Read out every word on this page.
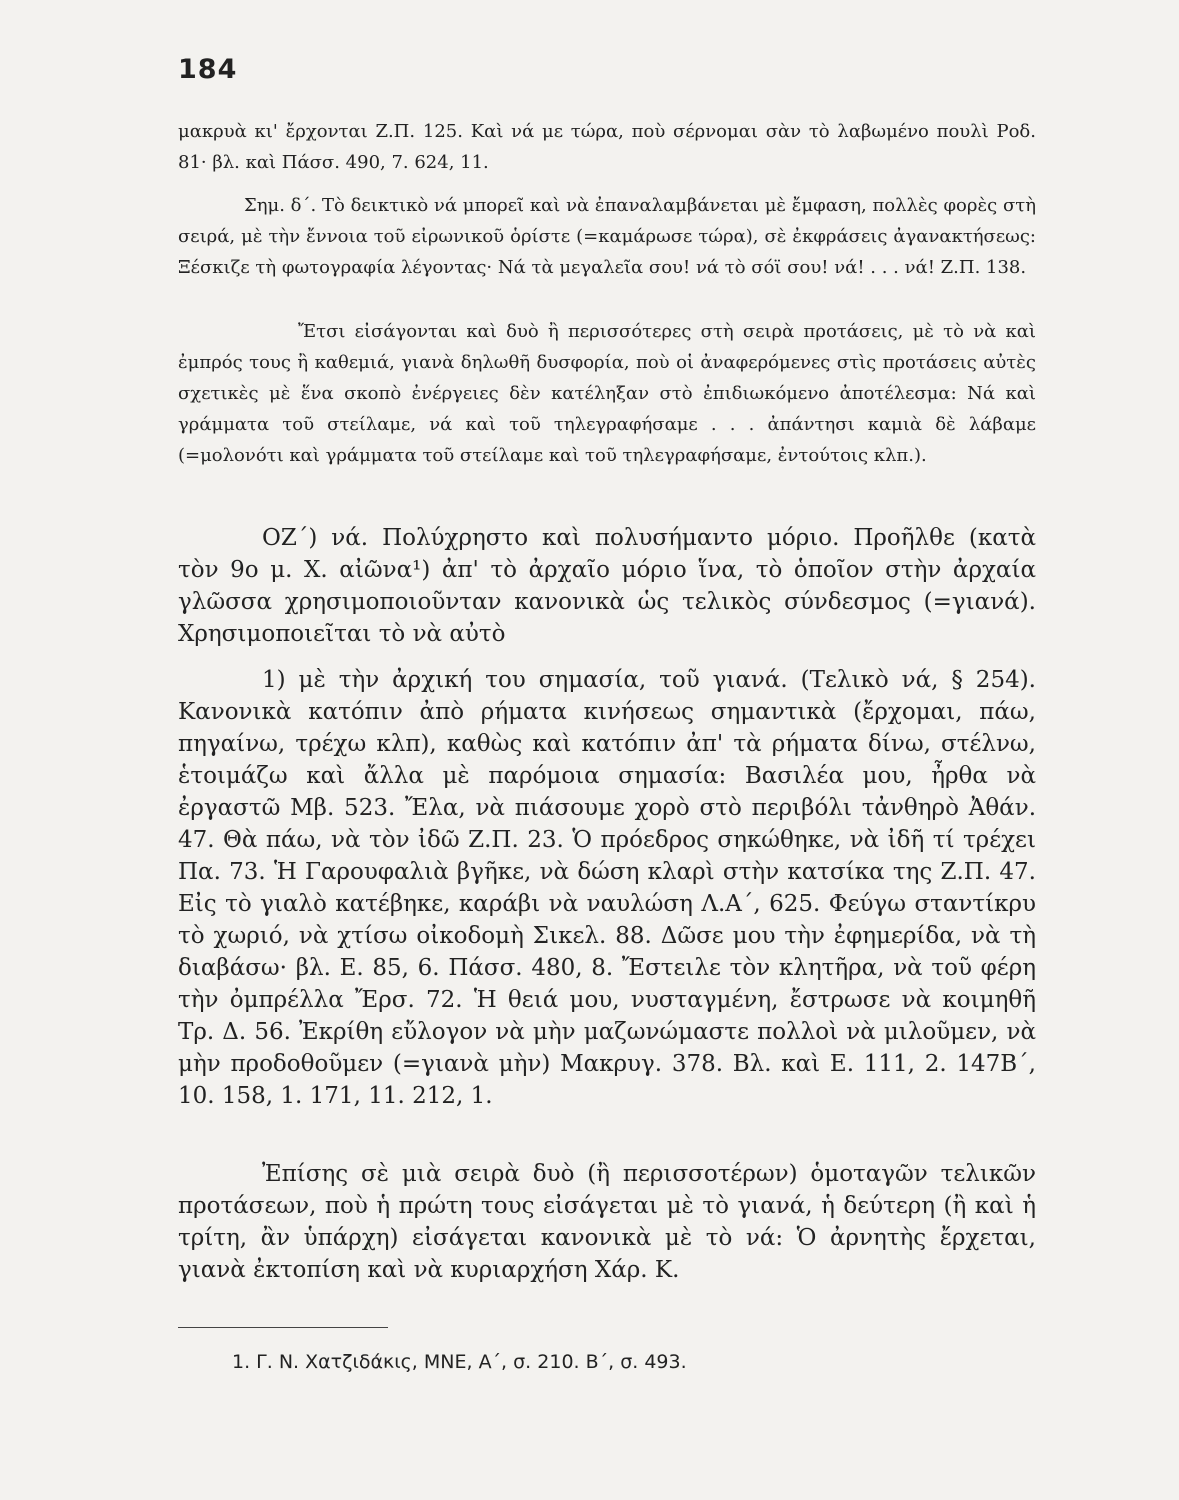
184

μακρυὰ κι' ἔρχονται Ζ.Π. 125. Καὶ νά με τώρα, ποὺ σέρνομαι σὰν τὸ λαβωμένο πουλὶ Ροδ. 81· βλ. καὶ Πάσσ. 490, 7. 624, 11.

Σημ. δ΄. Τὸ δεικτικὸ νά μπορεῖ καὶ νὰ ἐπαναλαμβάνεται μὲ ἔμφαση, πολλὲς φορὲς στὴ σειρά, μὲ τὴν ἔννοια τοῦ εἰρωνικοῦ ὁρίστε (=καμάρωσε τώρα), σὲ ἐκφράσεις ἀγανακτήσεως: Ξέσκιζε τὴ φωτογραφία λέγοντας· Νά τὰ μεγαλεῖα σου! νά τὸ σόϊ σου! νά! . . . νά! Ζ.Π. 138.

Ἔτσι εἰσάγονται καὶ δυὸ ἢ περισσότερες στὴ σειρὰ προτάσεις, μὲ τὸ νὰ καὶ ἐμπρός τους ἢ καθεμιά, γιανὰ δηλωθῆ δυσφορία, ποὺ οἱ ἀναφερόμενες στὶς προτάσεις αὐτὲς σχετικὲς μὲ ἕνα σκοπὸ ἐνέργειες δὲν κατέληξαν στὸ ἐπιδιωκόμενο ἀποτέλεσμα: Νά καὶ γράμματα τοῦ στείλαμε, νά καὶ τοῦ τηλεγραφήσαμε . . . ἀπάντησι καμιὰ δὲ λάβαμε (=μολονότι καὶ γράμματα τοῦ στείλαμε καὶ τοῦ τηλεγραφήσαμε, ἐντούτοις κλπ.).

ΟΖ΄) νά. Πολύχρηστο καὶ πολυσήμαντο μόριο. Προῆλθε (κατὰ τὸν 9ο μ. Χ. αἰῶνα¹) ἀπ' τὸ ἀρχαῖο μόριο ἵνα, τὸ ὁποῖον στὴν ἀρχαία γλῶσσα χρησιμοποιοῦνταν κανονικὰ ὡς τελικὸς σύνδεσμος (=γιανά). Χρησιμοποιεῖται τὸ νὰ αὐτὸ

1) μὲ τὴν ἀρχική του σημασία, τοῦ γιανά. (Τελικὸ νά, § 254). Κανονικὰ κατόπιν ἀπὸ ρήματα κινήσεως σημαντικὰ (ἔρχομαι, πάω, πηγαίνω, τρέχω κλπ), καθὼς καὶ κατόπιν ἀπ' τὰ ρήματα δίνω, στέλνω, ἑτοιμάζω καὶ ἄλλα μὲ παρόμοια σημασία: Βασιλέα μου, ἦρθα νὰ ἐργαστῶ Μβ. 523. Ἔλα, νὰ πιάσουμε χορὸ στὸ περιβόλι τἀνθηρὸ Ἀθάν. 47. Θὰ πάω, νὰ τὸν ἰδῶ Ζ.Π. 23. Ὁ πρόεδρος σηκώθηκε, νὰ ἰδῆ τί τρέχει Πα. 73. Ἡ Γαρουφαλιὰ βγῆκε, νὰ δώση κλαρὶ στὴν κατσίκα της Ζ.Π. 47. Εἰς τὸ γιαλὸ κατέβηκε, καράβι νὰ ναυλώση Λ.Α΄, 625. Φεύγω σταντίκρυ τὸ χωριό, νὰ χτίσω οἰκοδομὴ Σικελ. 88. Δῶσε μου τὴν ἐφημερίδα, νὰ τὴ διαβάσω· βλ. Ε. 85, 6. Πάσσ. 480, 8. Ἔστειλε τὸν κλητῆρα, νὰ τοῦ φέρη τὴν ὀμπρέλλα Ἔρσ. 72. Ἡ θειά μου, νυσταγμένη, ἔστρωσε νὰ κοιμηθῆ Τρ. Δ. 56. Ἐκρίθη εὔλογον νὰ μὴν μαζωνώμαστε πολλοὶ νὰ μιλοῦμεν, νὰ μὴν προδοθοῦμεν (=γιανὰ μὴν) Μακρυγ. 378. Βλ. καὶ Ε. 111, 2. 147Β΄, 10. 158, 1. 171, 11. 212, 1.

Ἐπίσης σὲ μιὰ σειρὰ δυὸ (ἢ περισσοτέρων) ὁμοταγῶν τελικῶν προτάσεων, ποὺ ἡ πρώτη τους εἰσάγεται μὲ τὸ γιανά, ἡ δεύτερη (ἢ καὶ ἡ τρίτη, ἂν ὑπάρχη) εἰσάγεται κανονικὰ μὲ τὸ νά: Ὁ ἀρνητὴς ἔρχεται, γιανὰ ἐκτοπίση καὶ νὰ κυριαρχήση Χάρ. Κ.

1. Γ. Ν. Χατζιδάκις, ΜΝΕ, Α΄, σ. 210. Β΄, σ. 493.
